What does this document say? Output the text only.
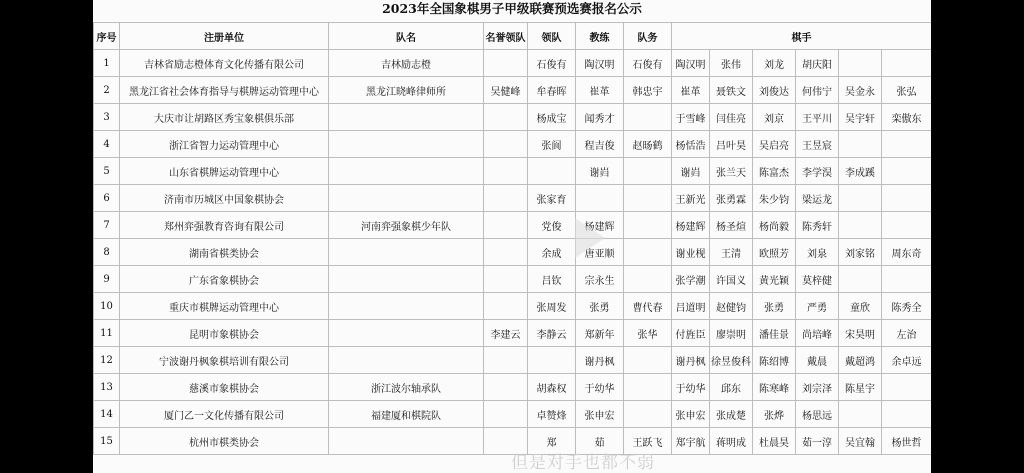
2023年全国象棋男子甲级联赛预选赛报名公示
序号	注册单位	队名	名誉领队	领队	教练	队务	棋手					
1	吉林省励志橙体育文化传播有限公司	吉林励志橙		石俊有	陶汉明	石俊有	陶汉明	张伟	刘龙	胡庆阳		
2	黑龙江省社会体育指导与棋牌运动管理中心	黑龙江晓峰律师所	吴健峰	牟春晖	崔革	韩忠宇	崔革	聂铁文	刘俊达	何伟宁	吴金永	张弘
3	大庆市让胡路区秀宝象棋俱乐部			杨成宝	闻秀才		于雪峰	闫佳亮	刘京	王平川	吴宇轩	栾傲东
4	浙江省智力运动管理中心			张阆	程吉俊	赵旸鹤	杨恬浩	吕叶昊	吴启亮	王昱宸		
5	山东省棋牌运动管理中心				谢岿		谢岿	张兰天	陈富杰	李学淏	李成蹊	
6	济南市历城区中国象棋协会			张家育			王新光	张勇霖	朱少钧	梁运龙		
7	郑州弈强教育咨询有限公司	河南弈强象棋少年队		党俊	杨建辉		杨建辉	杨圣煊	杨尚毅	陈秀轩		
8	湖南省棋类协会			余成	唐亚顺		谢业枧	王清	欧照芳	刘泉	刘家铭	周东奇
9	广东省象棋协会			吕钦	宗永生		张学潮	许国义	黄光颖	莫梓健		
10	重庆市棋牌运动管理中心			张周发	张勇	曹代春	吕道明	赵健钧	张勇	严勇	童欣	陈秀全
11	昆明市象棋协会		李建云	李静云	郑新年	张华	付旌臣	廖崇明	潘佳景	尚培峰	宋昊明	左治
12	宁波谢丹枫象棋培训有限公司				谢丹枫		谢丹枫	徐昱俊科	陈绍博	戴晨	戴超鸿	余卓远
13	慈溪市象棋协会	浙江波尔轴承队		胡森权	于幼华		于幼华	邱东	陈寒峰	刘宗泽	陈星宇	
14	厦门乙一文化传播有限公司	福建厦和棋院队		卓赞烽	张申宏		张申宏	张成楚	张烨	杨思远		
15	杭州市棋类协会			郑	茹	王跃飞	郑宇航	蒋明成	杜晨昊	茹一淳	吴宜翰	杨世哲
但是对手也都不弱
